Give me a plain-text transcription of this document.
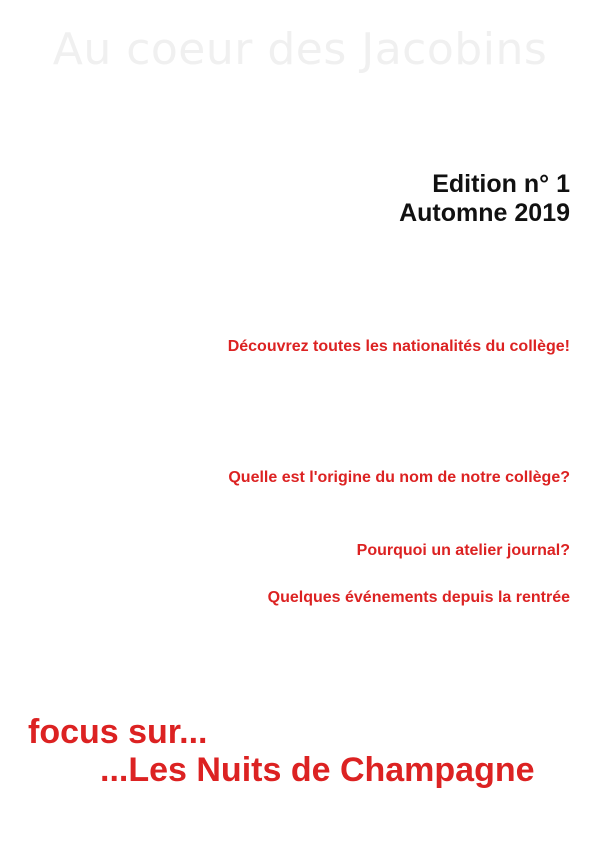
Au coeur des Jacobins
Edition n° 1
Automne 2019
Découvrez toutes les nationalités du collège!
Quelle est l'origine du nom de notre collège?
Pourquoi un atelier journal?
Quelques événements depuis la rentrée
focus sur...
...Les Nuits de Champagne
